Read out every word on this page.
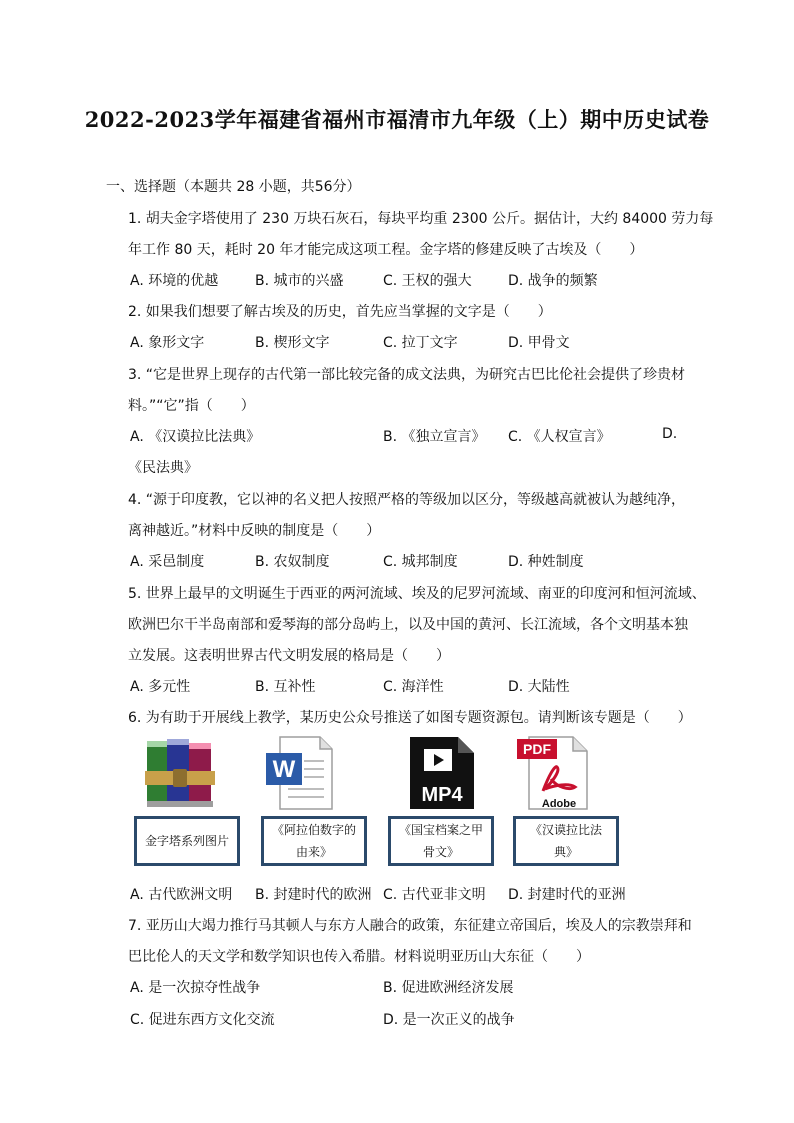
2022-2023学年福建省福州市福清市九年级（上）期中历史试卷
一、选择题（本题共 28 小题，共56分）
1. 胡夫金字塔使用了 230 万块石灰石，每块平均重 2300 公斤。据估计，大约 84000 劳力每
年工作 80 天，耗时 20 年才能完成这项工程。金字塔的修建反映了古埃及（　　）
A. 环境的优越	B. 城市的兴盛	C. 王权的强大	D. 战争的频繁
2. 如果我们想要了解古埃及的历史，首先应当掌握的文字是（　　）
A. 象形文字	B. 楔形文字	C. 拉丁文字	D. 甲骨文
3. “它是世界上现存的古代第一部比较完备的成文法典，为研究古巴比伦社会提供了珍贵材
料。”“它”指（　　）
A. 《汉谟拉比法典》	B. 《独立宣言》 C. 《人权宣言》	D.
《民法典》
4. “源于印度教，它以神的名义把人按照严格的等级加以区分，等级越高就被认为越纯净，
离神越近。”材料中反映的制度是（　　）
A. 采邑制度	B. 农奴制度	C. 城邦制度	D. 种姓制度
5. 世界上最早的文明诞生于西亚的两河流域、埃及的尼罗河流域、南亚的印度河和恒河流域、
欧洲巴尔干半岛南部和爱琴海的部分岛屿上，以及中国的黄河、长江流域，各个文明基本独
立发展。这表明世界古代文明发展的格局是（　　）
A. 多元性	B. 互补性	C. 海洋性	D. 大陆性
6. 为有助于开展线上教学，某历史公众号推送了如图专题资源包。请判断该专题是（　　）
金字塔系列图片
W
《阿拉伯数字的由来》
MP4
《国宝档案之甲骨文》
PDF
Adobe
《汉谟拉比法典》
A. 古代欧洲文明 B. 封建时代的欧洲 C. 古代亚非文明 D. 封建时代的亚洲
7. 亚历山大竭力推行马其顿人与东方人融合的政策，东征建立帝国后，埃及人的宗教崇拜和
巴比伦人的天文学和数学知识也传入希腊。材料说明亚历山大东征（　　）
A. 是一次掠夺性战争	B. 促进欧洲经济发展
C. 促进东西方文化交流	D. 是一次正义的战争
